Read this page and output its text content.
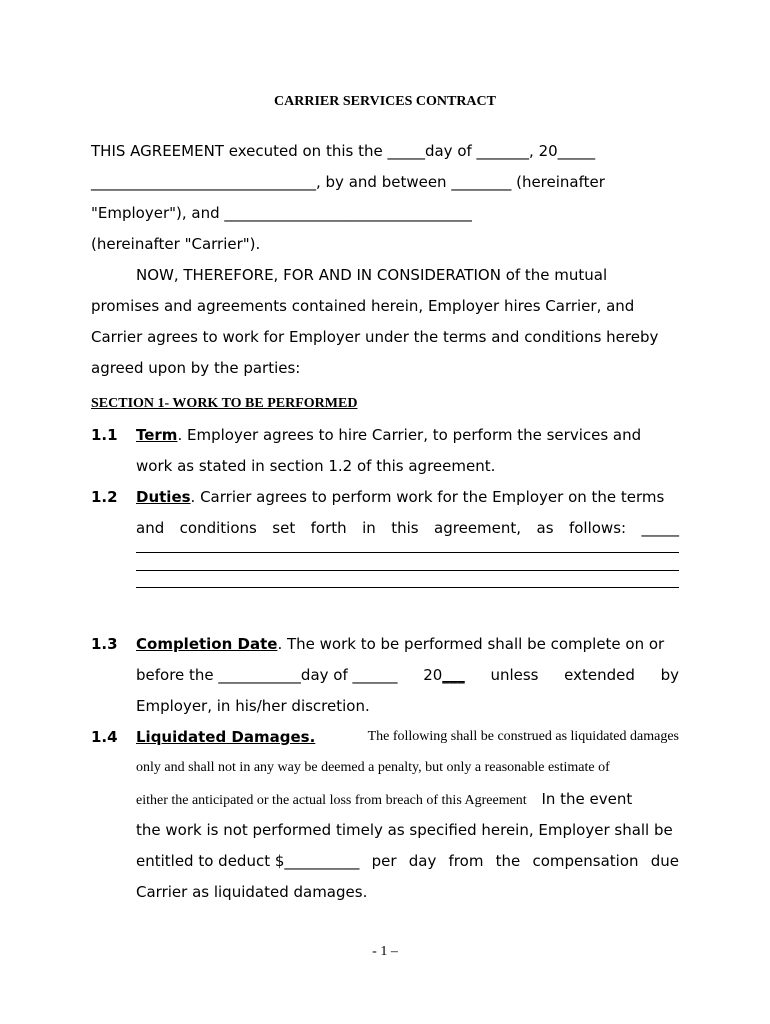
CARRIER SERVICES CONTRACT
THIS AGREEMENT executed on this the _____day of _______, 20_____
______________________________, by and between ________ (hereinafter
"Employer"), and _________________________________
(hereinafter "Carrier").
NOW, THEREFORE, FOR AND IN CONSIDERATION of the mutual
promises and agreements contained herein, Employer hires Carrier, and
Carrier agrees to work for Employer under the terms and conditions hereby
agreed upon by the parties:
SECTION 1- WORK TO BE PERFORMED
1.1 Term. Employer agrees to hire Carrier, to perform the services and
work as stated in section 1.2 of this agreement.
1.2 Duties. Carrier agrees to perform work for the Employer on the terms
and conditions set forth in this agreement, as follows: _____
1.3 Completion Date. The work to be performed shall be complete on or
before the ___________day of ______ 20___ unless extended by
Employer, in his/her discretion.
1.4 Liquidated Damages.	The following shall be construed as liquidated damages
only and shall not in any way be deemed a penalty, but only a reasonable estimate of
either the anticipated or the actual loss from breach of this Agreement In the event
the work is not performed timely as specified herein, Employer shall be
entitled to deduct $__________ per day from the compensation due
Carrier as liquidated damages.
- 1 –
